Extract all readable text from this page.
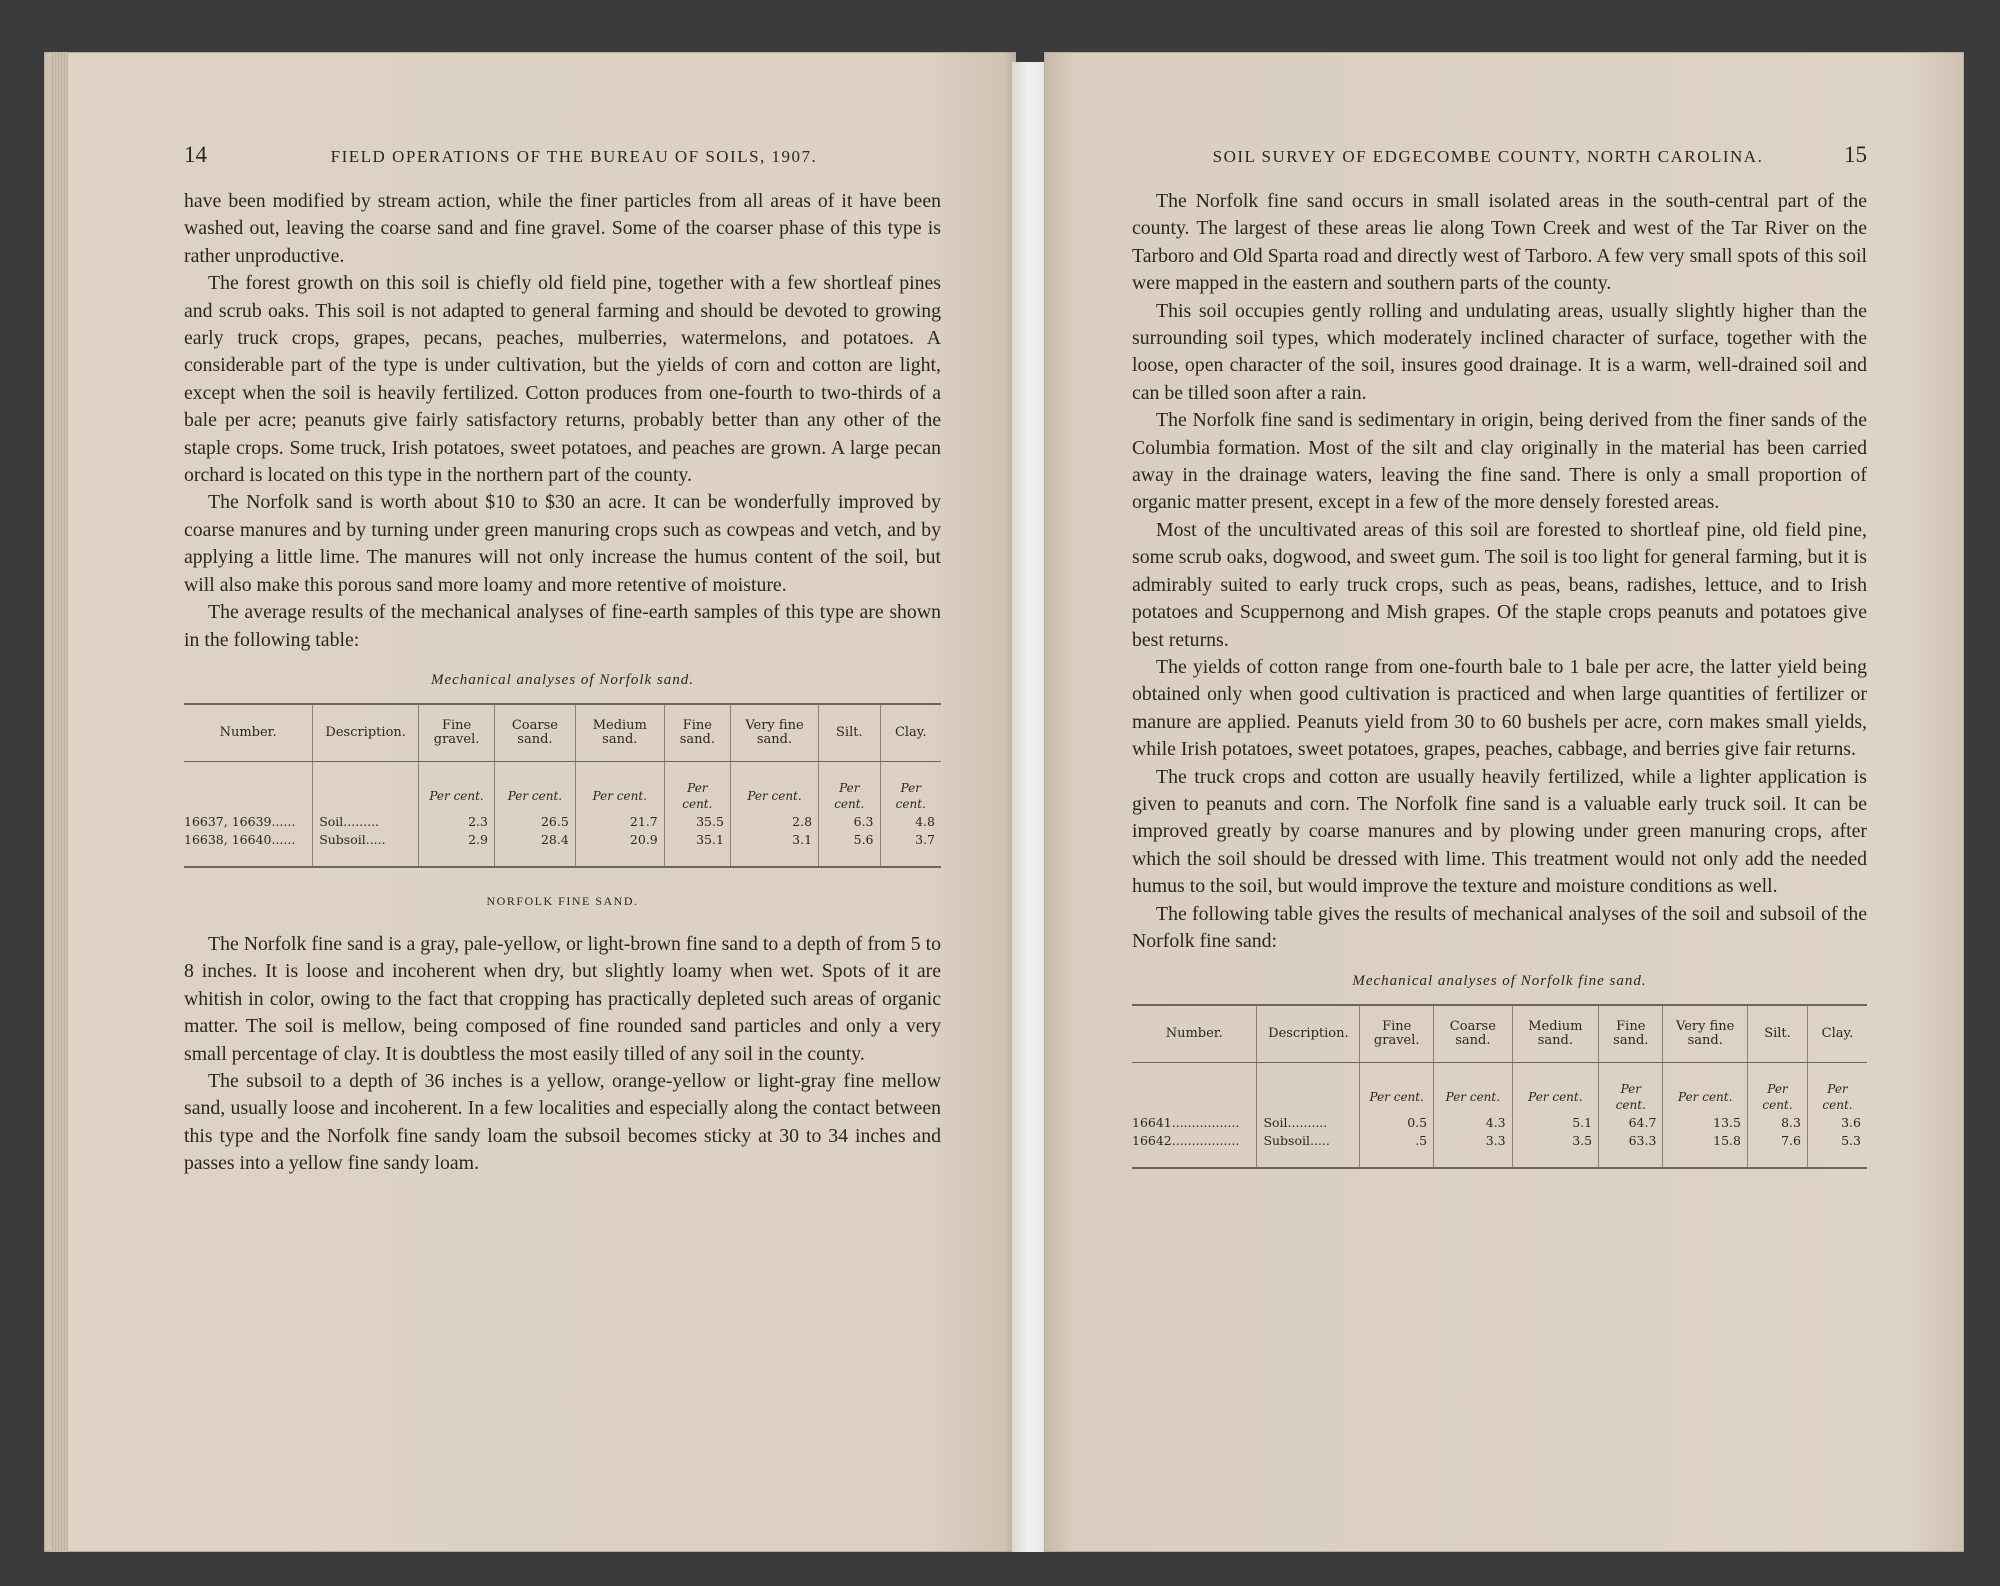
14	FIELD OPERATIONS OF THE BUREAU OF SOILS, 1907.

have been modified by stream action, while the finer particles from all areas of it have been washed out, leaving the coarse sand and fine gravel. Some of the coarser phase of this type is rather unproductive.

The forest growth on this soil is chiefly old field pine, together with a few shortleaf pines and scrub oaks. This soil is not adapted to general farming and should be devoted to growing early truck crops, grapes, pecans, peaches, mulberries, watermelons, and potatoes. A considerable part of the type is under cultivation, but the yields of corn and cotton are light, except when the soil is heavily fertilized. Cotton produces from one-fourth to two-thirds of a bale per acre; peanuts give fairly satisfactory returns, probably better than any other of the staple crops. Some truck, Irish potatoes, sweet potatoes, and peaches are grown. A large pecan orchard is located on this type in the northern part of the county.

The Norfolk sand is worth about $10 to $30 an acre. It can be wonderfully improved by coarse manures and by turning under green manuring crops such as cowpeas and vetch, and by applying a little lime. The manures will not only increase the humus content of the soil, but will also make this porous sand more loamy and more retentive of moisture.

The average results of the mechanical analyses of fine-earth samples of this type are shown in the following table:

Mechanical analyses of Norfolk sand.
Number.	Description.	Fine gravel.	Coarse sand.	Medium sand.	Fine sand.	Very fine sand.	Silt.	Clay.
		Per cent.	Per cent.	Per cent.	Per cent.	Per cent.	Per cent.	Per cent.
16637, 16639......	Soil.........	2.3	26.5	21.7	35.5	2.8	6.3	4.8
16638, 16640......	Subsoil.....	2.9	28.4	20.9	35.1	3.1	5.6	3.7
NORFOLK FINE SAND.

The Norfolk fine sand is a gray, pale-yellow, or light-brown fine sand to a depth of from 5 to 8 inches. It is loose and incoherent when dry, but slightly loamy when wet. Spots of it are whitish in color, owing to the fact that cropping has practically depleted such areas of organic matter. The soil is mellow, being composed of fine rounded sand particles and only a very small percentage of clay. It is doubtless the most easily tilled of any soil in the county.

The subsoil to a depth of 36 inches is a yellow, orange-yellow or light-gray fine mellow sand, usually loose and incoherent. In a few localities and especially along the contact between this type and the Norfolk fine sandy loam the subsoil becomes sticky at 30 to 34 inches and passes into a yellow fine sandy loam.

SOIL SURVEY OF EDGECOMBE COUNTY, NORTH CAROLINA.	15

The Norfolk fine sand occurs in small isolated areas in the south-central part of the county. The largest of these areas lie along Town Creek and west of the Tar River on the Tarboro and Old Sparta road and directly west of Tarboro. A few very small spots of this soil were mapped in the eastern and southern parts of the county.

This soil occupies gently rolling and undulating areas, usually slightly higher than the surrounding soil types, which moderately inclined character of surface, together with the loose, open character of the soil, insures good drainage. It is a warm, well-drained soil and can be tilled soon after a rain.

The Norfolk fine sand is sedimentary in origin, being derived from the finer sands of the Columbia formation. Most of the silt and clay originally in the material has been carried away in the drainage waters, leaving the fine sand. There is only a small proportion of organic matter present, except in a few of the more densely forested areas.

Most of the uncultivated areas of this soil are forested to shortleaf pine, old field pine, some scrub oaks, dogwood, and sweet gum. The soil is too light for general farming, but it is admirably suited to early truck crops, such as peas, beans, radishes, lettuce, and to Irish potatoes and Scuppernong and Mish grapes. Of the staple crops peanuts and potatoes give best returns.

The yields of cotton range from one-fourth bale to 1 bale per acre, the latter yield being obtained only when good cultivation is practiced and when large quantities of fertilizer or manure are applied. Peanuts yield from 30 to 60 bushels per acre, corn makes small yields, while Irish potatoes, sweet potatoes, grapes, peaches, cabbage, and berries give fair returns.

The truck crops and cotton are usually heavily fertilized, while a lighter application is given to peanuts and corn. The Norfolk fine sand is a valuable early truck soil. It can be improved greatly by coarse manures and by plowing under green manuring crops, after which the soil should be dressed with lime. This treatment would not only add the needed humus to the soil, but would improve the texture and moisture conditions as well.

The following table gives the results of mechanical analyses of the soil and subsoil of the Norfolk fine sand:

Mechanical analyses of Norfolk fine sand.
Number.	Description.	Fine gravel.	Coarse sand.	Medium sand.	Fine sand.	Very fine sand.	Silt.	Clay.
		Per cent.	Per cent.	Per cent.	Per cent.	Per cent.	Per cent.	Per cent.
16641.................	Soil..........	0.5	4.3	5.1	64.7	13.5	8.3	3.6
16642.................	Subsoil.....	.5	3.3	3.5	63.3	15.8	7.6	5.3
